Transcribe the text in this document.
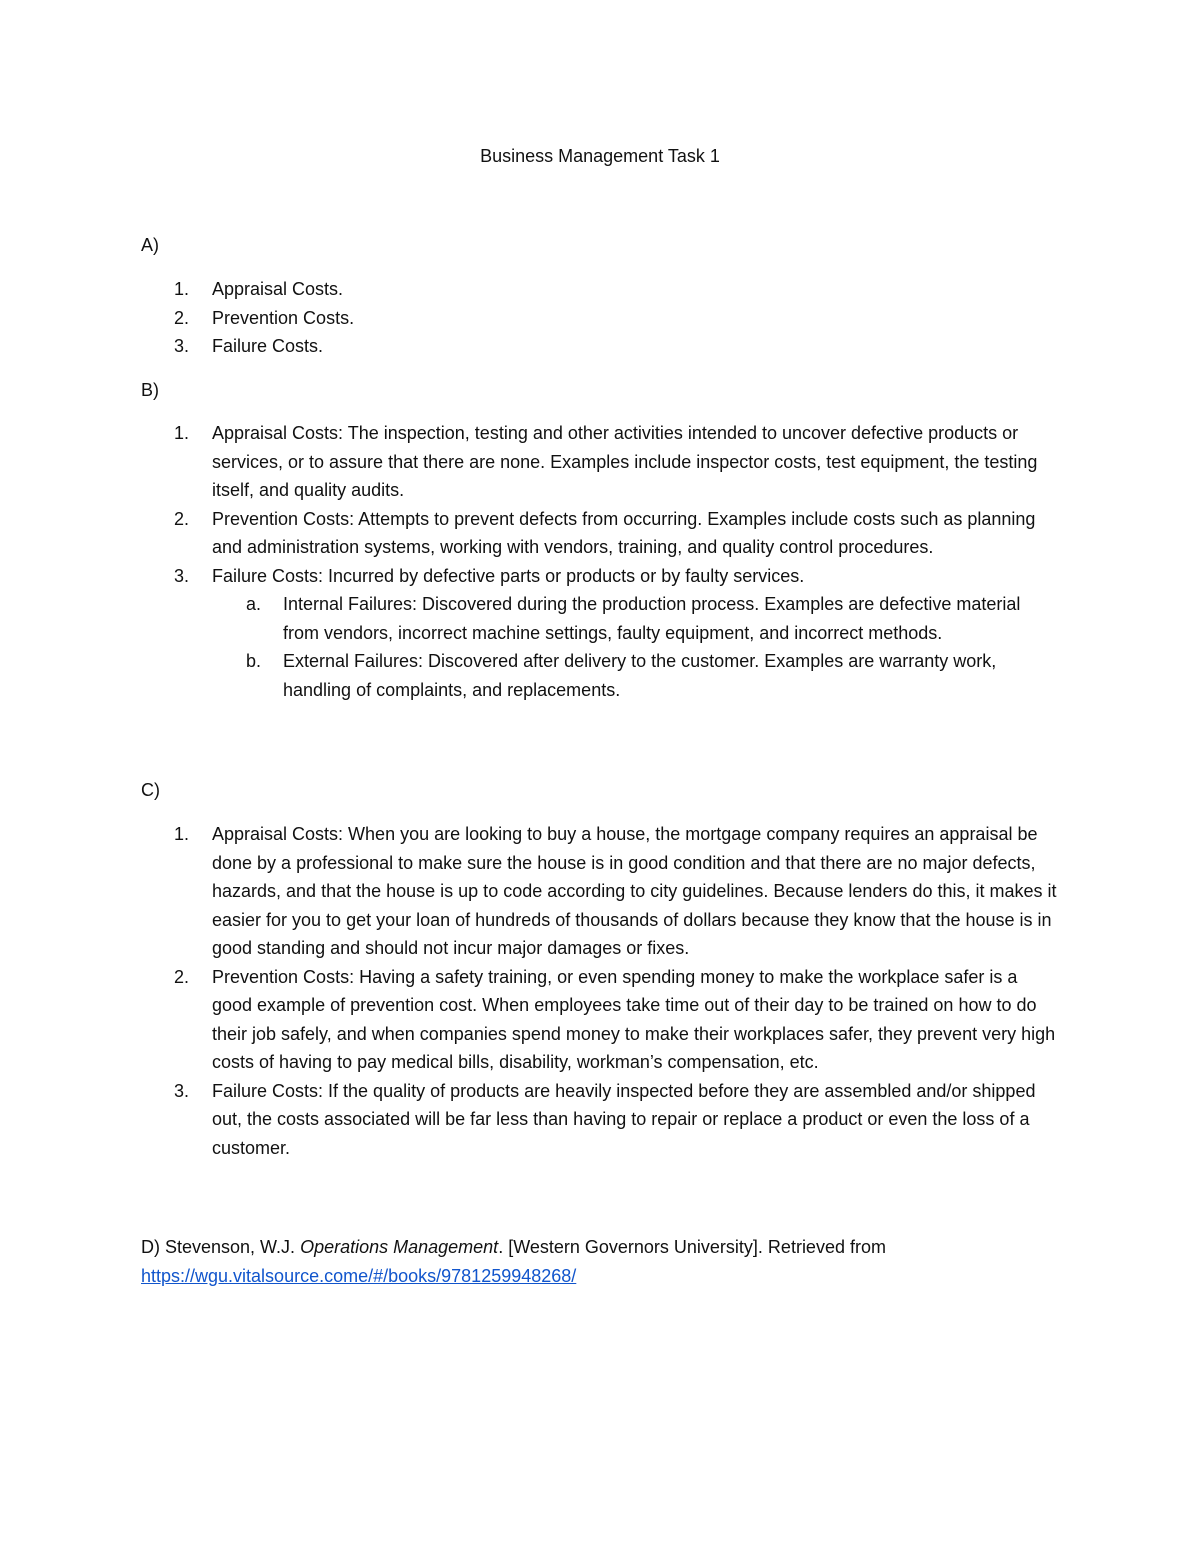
Business Management Task 1

A)

1. Appraisal Costs.
2. Prevention Costs.
3. Failure Costs.

B)

1. Appraisal Costs: The inspection, testing and other activities intended to uncover defective products or services, or to assure that there are none. Examples include inspector costs, test equipment, the testing itself, and quality audits.
2. Prevention Costs: Attempts to prevent defects from occurring. Examples include costs such as planning and administration systems, working with vendors, training, and quality control procedures.
3. Failure Costs: Incurred by defective parts or products or by faulty services.
a. Internal Failures: Discovered during the production process. Examples are defective material from vendors, incorrect machine settings, faulty equipment, and incorrect methods.
b. External Failures: Discovered after delivery to the customer. Examples are warranty work, handling of complaints, and replacements.

C)

1. Appraisal Costs: When you are looking to buy a house, the mortgage company requires an appraisal be done by a professional to make sure the house is in good condition and that there are no major defects, hazards, and that the house is up to code according to city guidelines. Because lenders do this, it makes it easier for you to get your loan of hundreds of thousands of dollars because they know that the house is in good standing and should not incur major damages or fixes.
2. Prevention Costs: Having a safety training, or even spending money to make the workplace safer is a good example of prevention cost. When employees take time out of their day to be trained on how to do their job safely, and when companies spend money to make their workplaces safer, they prevent very high costs of having to pay medical bills, disability, workman’s compensation, etc.
3. Failure Costs: If the quality of products are heavily inspected before they are assembled and/or shipped out, the costs associated will be far less than having to repair or replace a product or even the loss of a customer.

D) Stevenson, W.J. Operations Management. [Western Governors University]. Retrieved from
https://wgu.vitalsource.come/#/books/9781259948268/
